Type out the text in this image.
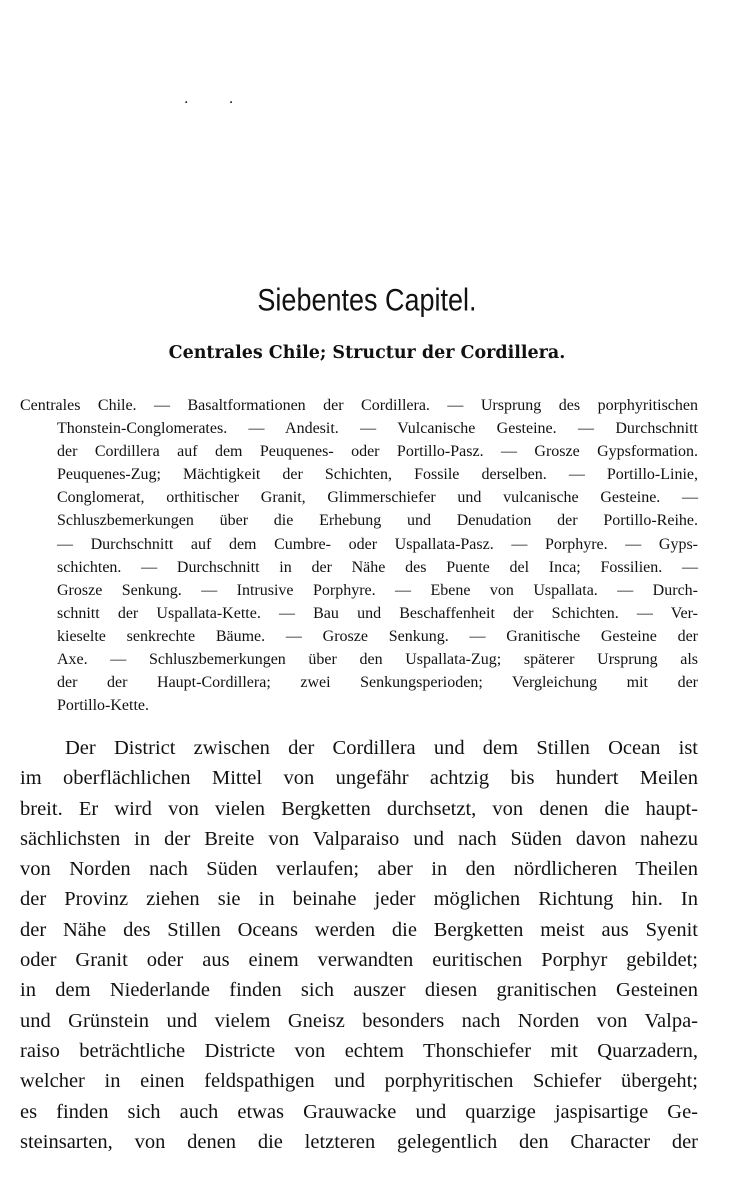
· ·
Siebentes Capitel.
Centrales Chile; Structur der Cordillera.
Centrales Chile. — Basaltformationen der Cordillera. — Ursprung des porphyritischen
Thonstein-Conglomerates. — Andesit. — Vulcanische Gesteine. — Durchschnitt
der Cordillera auf dem Peuquenes- oder Portillo-Pasz. — Grosze Gypsformation.
Peuquenes-Zug; Mächtigkeit der Schichten, Fossile derselben. — Portillo-Linie,
Conglomerat, orthitischer Granit, Glimmerschiefer und vulcanische Gesteine. —
Schluszbemerkungen über die Erhebung und Denudation der Portillo-Reihe.
— Durchschnitt auf dem Cumbre- oder Uspallata-Pasz. — Porphyre. — Gyps-
schichten. — Durchschnitt in der Nähe des Puente del Inca; Fossilien. —
Grosze Senkung. — Intrusive Porphyre. — Ebene von Uspallata. — Durch-
schnitt der Uspallata-Kette. — Bau und Beschaffenheit der Schichten. — Ver-
kieselte senkrechte Bäume. — Grosze Senkung. — Granitische Gesteine der
Axe. — Schluszbemerkungen über den Uspallata-Zug; späterer Ursprung als
der der Haupt-Cordillera; zwei Senkungsperioden; Vergleichung mit der
Portillo-Kette.
Der District zwischen der Cordillera und dem Stillen Ocean ist
im oberflächlichen Mittel von ungefähr achtzig bis hundert Meilen
breit. Er wird von vielen Bergketten durchsetzt, von denen die haupt-
sächlichsten in der Breite von Valparaiso und nach Süden davon nahezu
von Norden nach Süden verlaufen; aber in den nördlicheren Theilen
der Provinz ziehen sie in beinahe jeder möglichen Richtung hin. In
der Nähe des Stillen Oceans werden die Bergketten meist aus Syenit
oder Granit oder aus einem verwandten euritischen Porphyr gebildet;
in dem Niederlande finden sich auszer diesen granitischen Gesteinen
und Grünstein und vielem Gneisz besonders nach Norden von Valpa-
raiso beträchtliche Districte von echtem Thonschiefer mit Quarzadern,
welcher in einen feldspathigen und porphyritischen Schiefer übergeht;
es finden sich auch etwas Grauwacke und quarzige jaspisartige Ge-
steinsarten, von denen die letzteren gelegentlich den Character der
